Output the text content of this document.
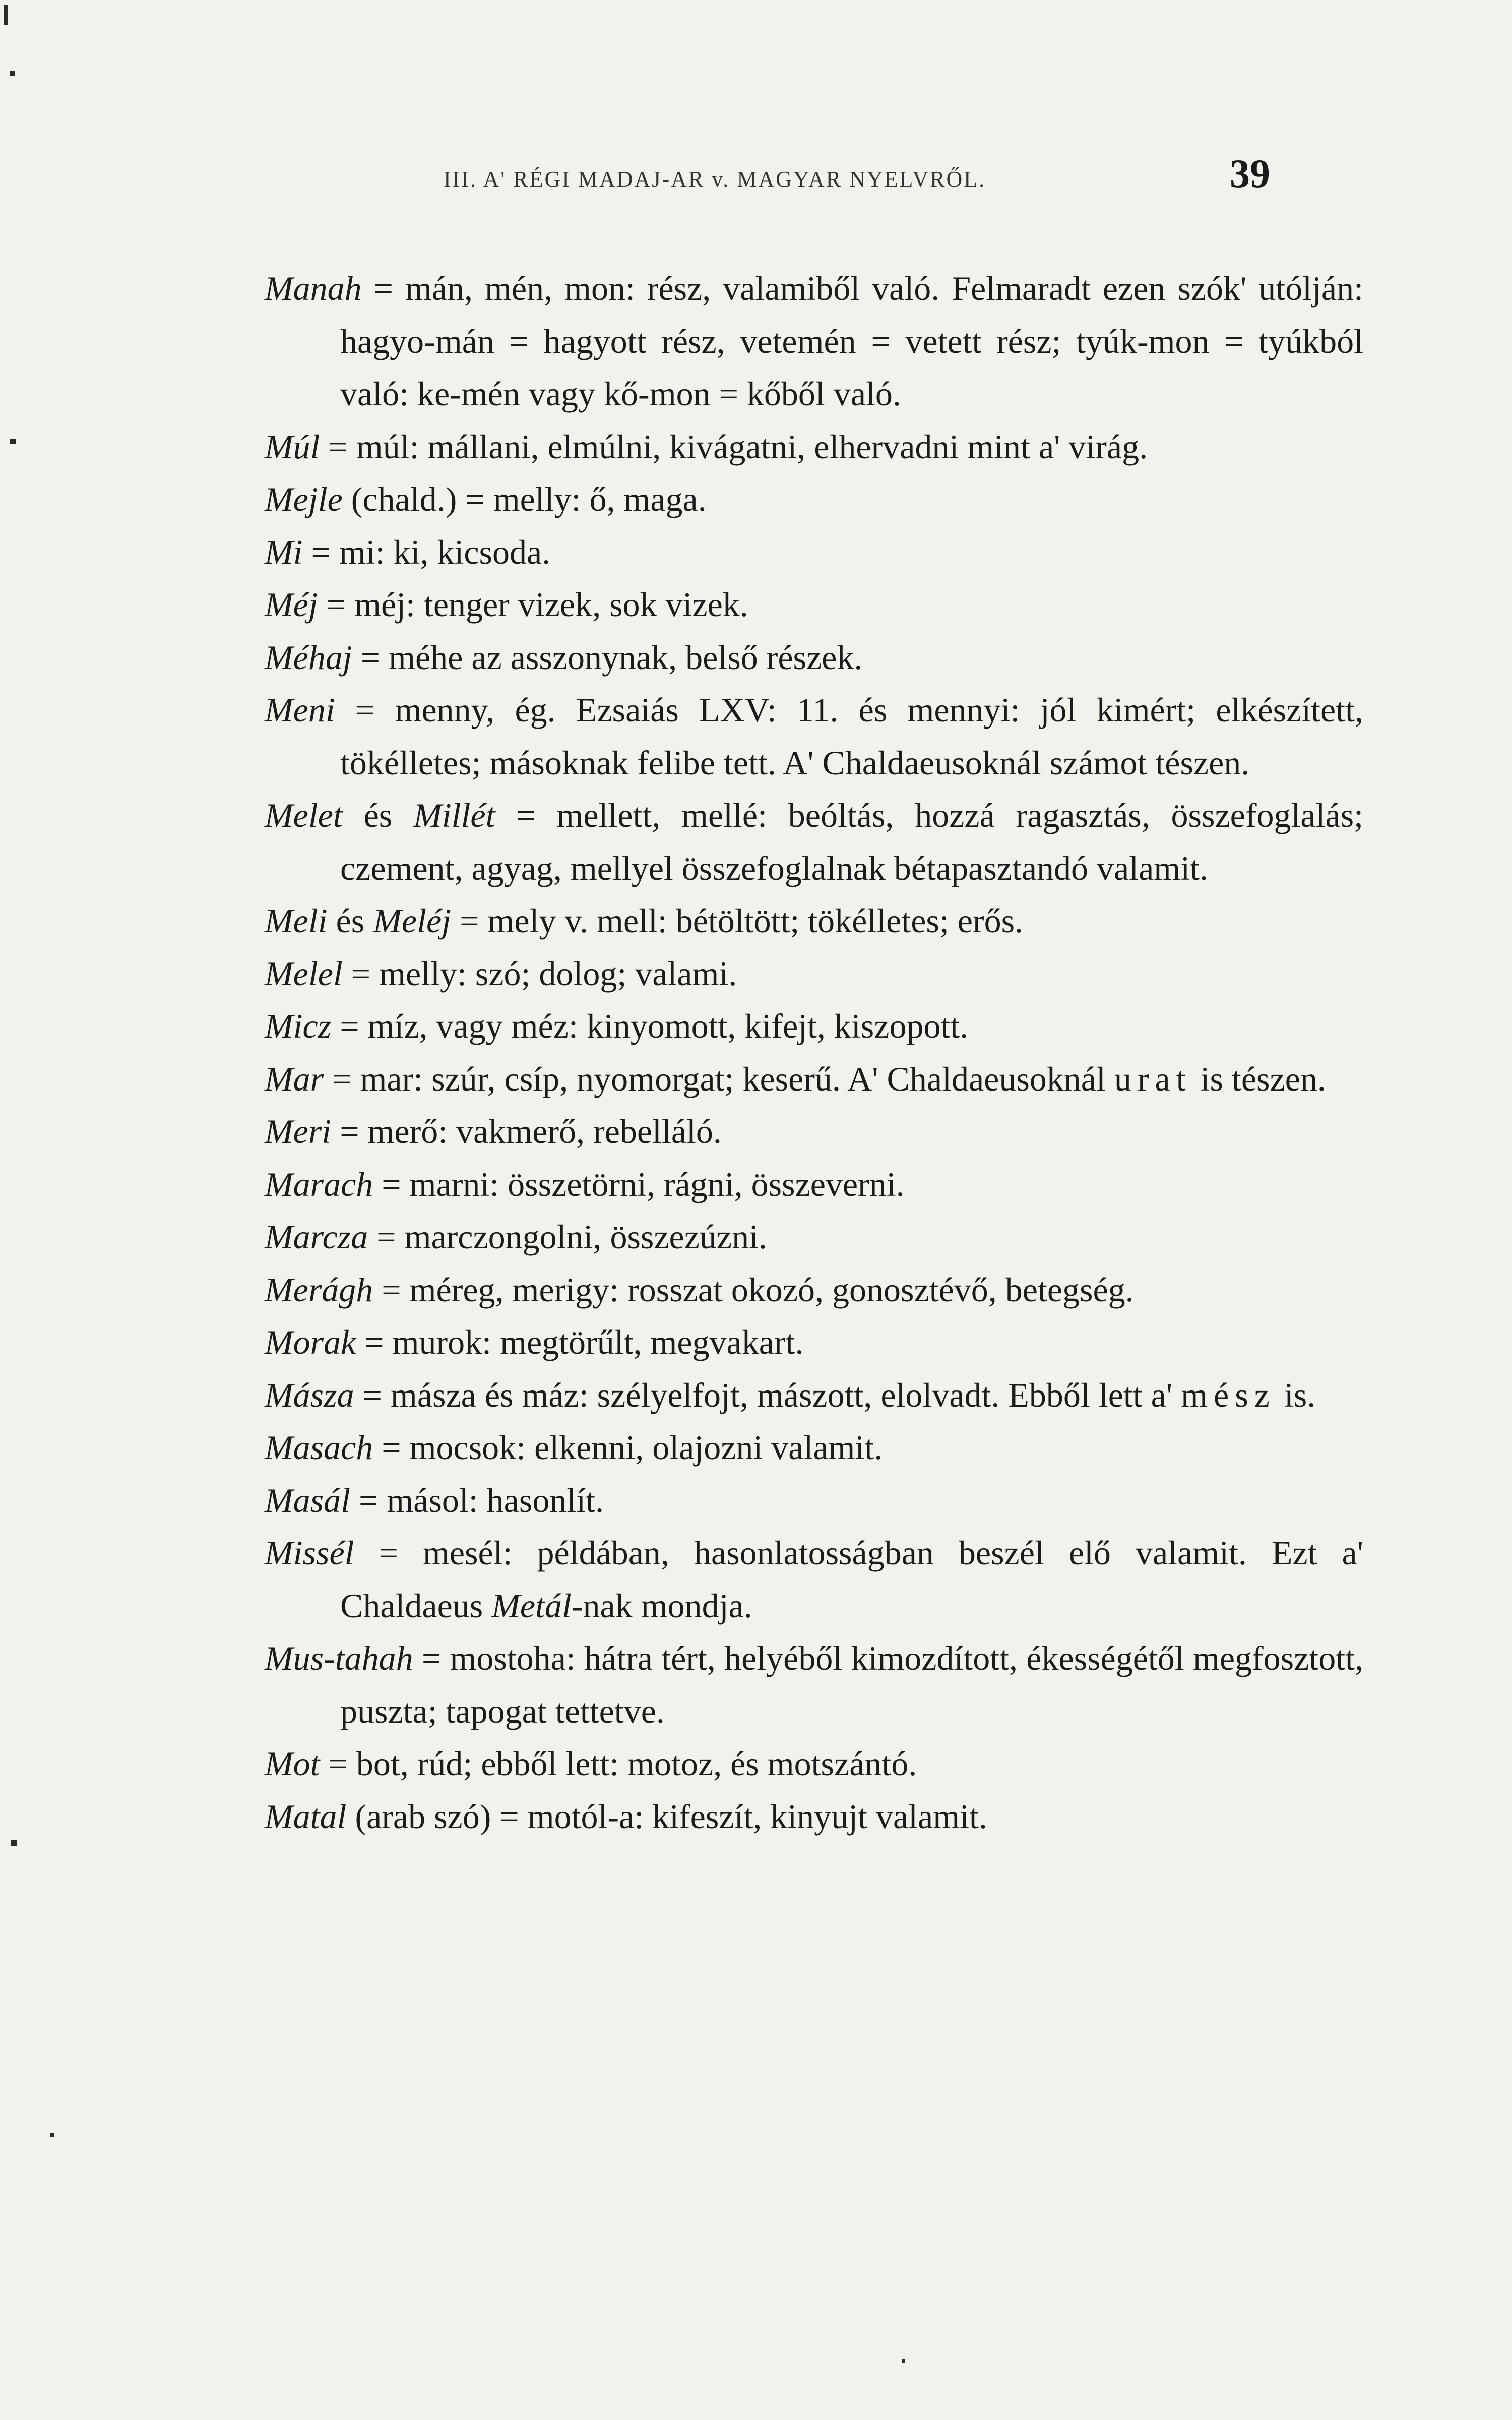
III. A' RÉGI MADAJ-AR v. MAGYAR NYELVRŐL.	39

Manah = mán, mén, mon: rész, valamiből való. Felmaradt ezen szók' utólján: hagyo-mán = hagyott rész, vetemén = vetett rész; tyúk-mon = tyúkból való: ke-mén vagy kő-mon = kőből való.

Múl = múl: mállani, elmúlni, kivágatni, elhervadni mint a' virág.

Mejle (chald.) = melly: ő, maga.

Mi = mi: ki, kicsoda.

Méj = méj: tenger vizek, sok vizek.

Méhaj = méhe az asszonynak, belső részek.

Meni = menny, ég. Ezsaiás LXV: 11. és mennyi: jól kimért; elkészített, tökélletes; másoknak felibe tett. A' Chaldaeusoknál számot tészen.

Melet és Millét = mellett, mellé: beóltás, hozzá ragasztás, összefoglalás; czement, agyag, mellyel összefoglalnak bétapasztandó valamit.

Meli és Meléj = mely v. mell: bétöltött; tökélletes; erős.

Melel = melly: szó; dolog; valami.

Micz = míz, vagy méz: kinyomott, kifejt, kiszopott.

Mar = mar: szúr, csíp, nyomorgat; keserű. A' Chaldaeusoknál urat is tészen.

Meri = merő: vakmerő, rebelláló.

Marach = marni: összetörni, rágni, összeverni.

Marcza = marczongolni, összezúzni.

Merágh = méreg, merigy: rosszat okozó, gonosztévő, betegség.

Morak = murok: megtörűlt, megvakart.

Másza = másza és máz: szélyelfojt, mászott, elolvadt. Ebből lett a' mész is.

Masach = mocsok: elkenni, olajozni valamit.

Masál = másol: hasonlít.

Missél = mesél: példában, hasonlatosságban beszél elő valamit. Ezt a' Chaldaeus Metál-nak mondja.

Mus-tahah = mostoha: hátra tért, helyéből kimozdított, ékességétől megfosztott, puszta; tapogat tettetve.

Mot = bot, rúd; ebből lett: motoz, és motszántó.

Matal (arab szó) = motól-a: kifeszít, kinyujt valamit.
